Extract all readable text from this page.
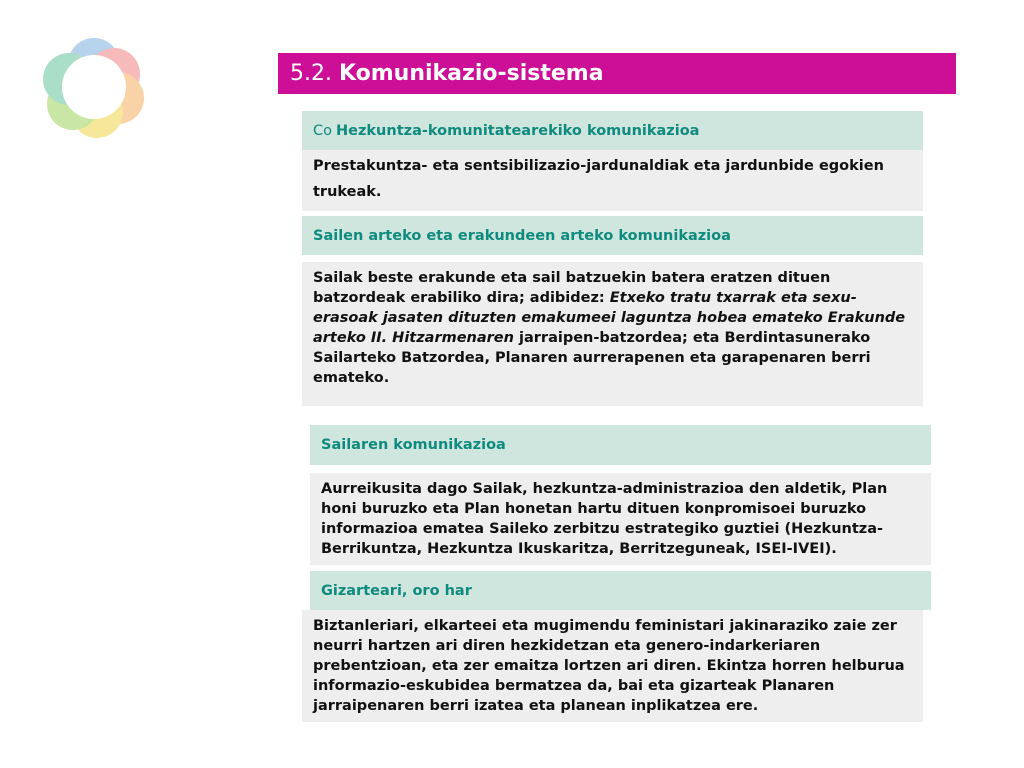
5.2. Komunikazio-sistema
Co Hezkuntza-komunitatearekiko komunikazioa
Prestakuntza- eta sentsibilizazio-jardunaldiak eta jardunbide egokien trukeak.
Sailen arteko eta erakundeen arteko komunikazioa
Sailak beste erakunde eta sail batzuekin batera eratzen dituen batzordeak erabiliko dira; adibidez: Etxeko tratu txarrak eta sexu-erasoak jasaten dituzten emakumeei laguntza hobea emateko Erakunde arteko II. Hitzarmenaren jarraipen-batzordea; eta Berdintasunerako Sailarteko Batzordea, Planaren aurrerapenen eta garapenaren berri emateko.
Sailaren komunikazioa
Aurreikusita dago Sailak, hezkuntza-administrazioa den aldetik, Plan honi buruzko eta Plan honetan hartu dituen konpromisoei buruzko informazioa ematea Saileko zerbitzu estrategiko guztiei (Hezkuntza-Berrikuntza, Hezkuntza Ikuskaritza, Berritzeguneak, ISEI-IVEI).
Gizarteari, oro har
Biztanleriari, elkarteei eta mugimendu feministari jakinaraziko zaie zer neurri hartzen ari diren hezkidetzan eta genero-indarkeriaren prebentzioan, eta zer emaitza lortzen ari diren. Ekintza horren helburua informazio-eskubidea bermatzea da, bai eta gizarteak Planaren jarraipenaren berri izatea eta planean inplikatzea ere.
